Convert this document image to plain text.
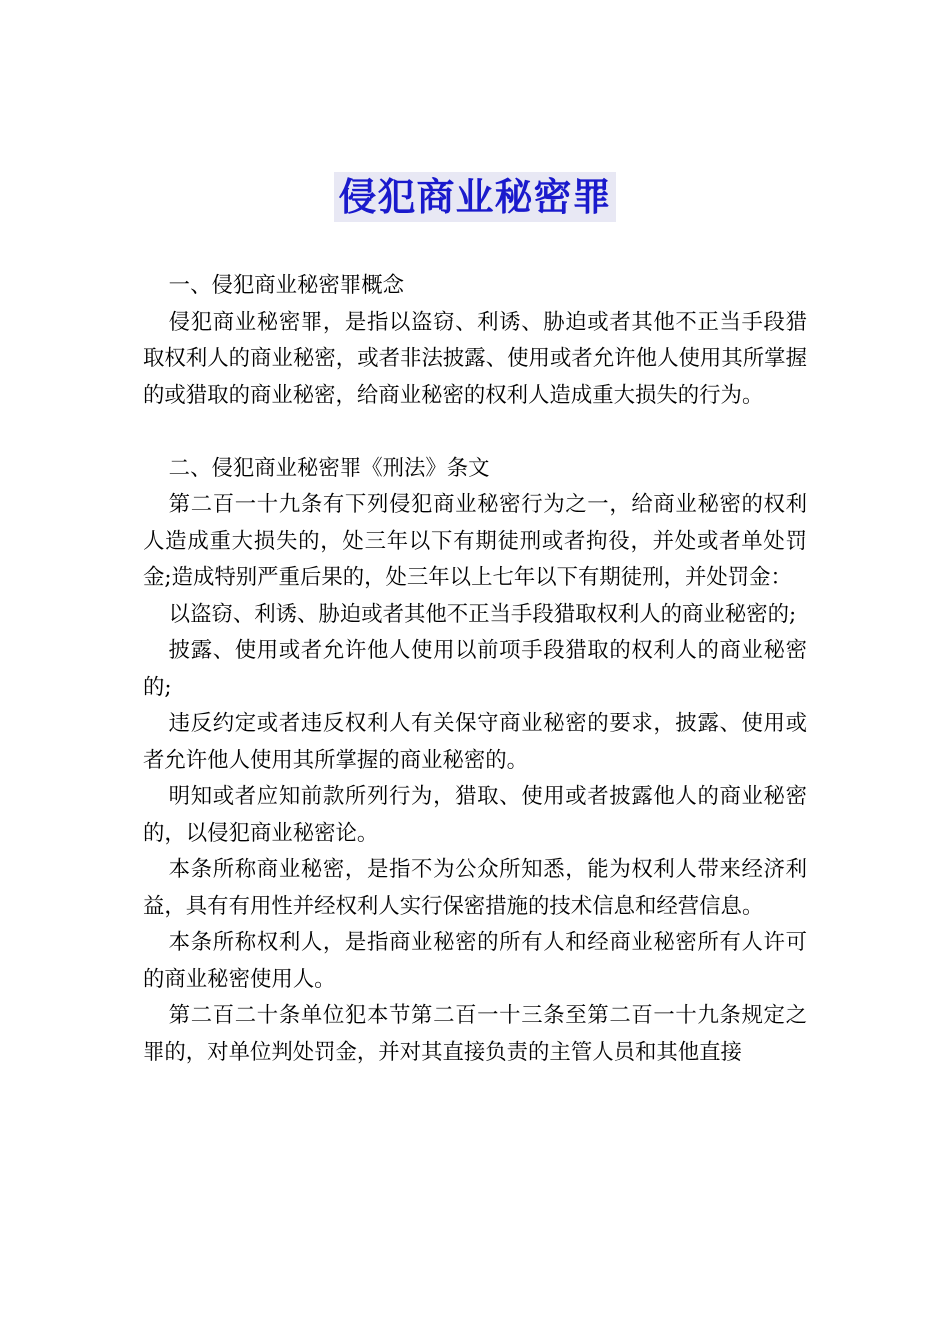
侵犯商业秘密罪

一、侵犯商业秘密罪概念

侵犯商业秘密罪，是指以盗窃、利诱、胁迫或者其他不正当手段猎取权利人的商业秘密，或者非法披露、使用或者允许他人使用其所掌握的或猎取的商业秘密，给商业秘密的权利人造成重大损失的行为。

二、侵犯商业秘密罪《刑法》条文

第二百一十九条有下列侵犯商业秘密行为之一，给商业秘密的权利人造成重大损失的，处三年以下有期徒刑或者拘役，并处或者单处罚金;造成特别严重后果的，处三年以上七年以下有期徒刑，并处罚金：

以盗窃、利诱、胁迫或者其他不正当手段猎取权利人的商业秘密的;

披露、使用或者允许他人使用以前项手段猎取的权利人的商业秘密的;

违反约定或者违反权利人有关保守商业秘密的要求，披露、使用或者允许他人使用其所掌握的商业秘密的。

明知或者应知前款所列行为，猎取、使用或者披露他人的商业秘密的，以侵犯商业秘密论。

本条所称商业秘密，是指不为公众所知悉，能为权利人带来经济利益，具有有用性并经权利人实行保密措施的技术信息和经营信息。

本条所称权利人，是指商业秘密的所有人和经商业秘密所有人许可的商业秘密使用人。

第二百二十条单位犯本节第二百一十三条至第二百一十九条规定之罪的，对单位判处罚金，并对其直接负责的主管人员和其他直接
